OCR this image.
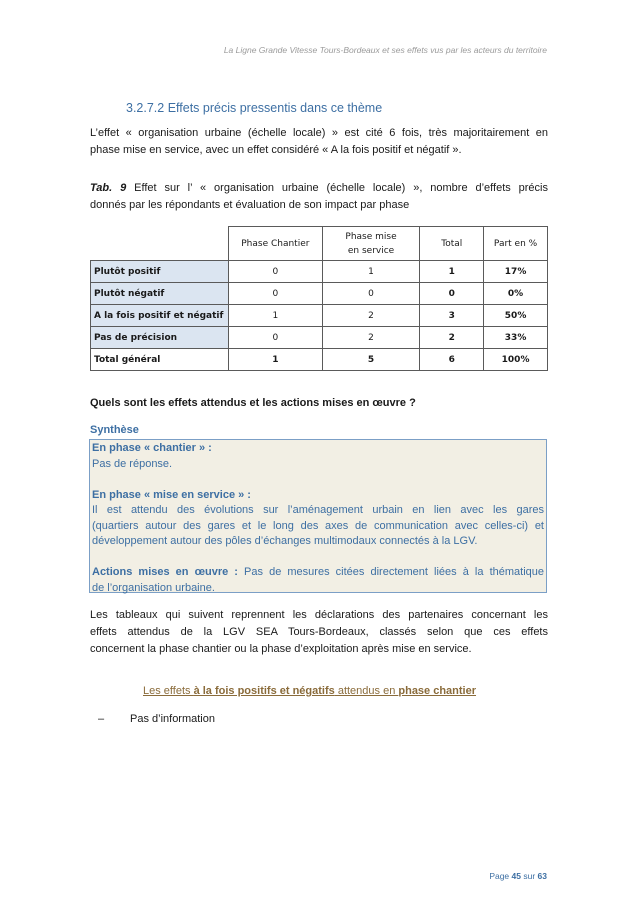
La Ligne Grande Vitesse Tours-Bordeaux et ses effets vus par les acteurs du territoire
3.2.7.2 Effets précis pressentis dans ce thème
L’effet « organisation urbaine (échelle locale) » est cité 6 fois, très majoritairement en
phase mise en service, avec un effet considéré « A la fois positif et négatif ».
Tab. 9 Effet sur l’ « organisation urbaine (échelle locale) », nombre d’effets précis
donnés par les répondants et évaluation de son impact par phase
	Phase Chantier	Phase mise
en service	Total	Part en %
Plutôt positif	0	1	1	17%
Plutôt négatif	0	0	0	0%
A la fois positif et négatif	1	2	3	50%
Pas de précision	0	2	2	33%
Total général	1	5	6	100%
Quels sont les effets attendus et les actions mises en œuvre ?
Synthèse
En phase « chantier » :
Pas de réponse.
En phase « mise en service » :
Il est attendu des évolutions sur l’aménagement urbain en lien avec les gares
(quartiers autour des gares et le long des axes de communication avec celles-ci) et
développement autour des pôles d’échanges multimodaux connectés à la LGV.
Actions mises en œuvre : Pas de mesures citées directement liées à la thématique
de l’organisation urbaine.
Les tableaux qui suivent reprennent les déclarations des partenaires concernant les
effets attendus de la LGV SEA Tours-Bordeaux, classés selon que ces effets
concernent la phase chantier ou la phase d’exploitation après mise en service.
Les effets à la fois positifs et négatifs attendus en phase chantier
– Pas d’information
Page 45 sur 63
